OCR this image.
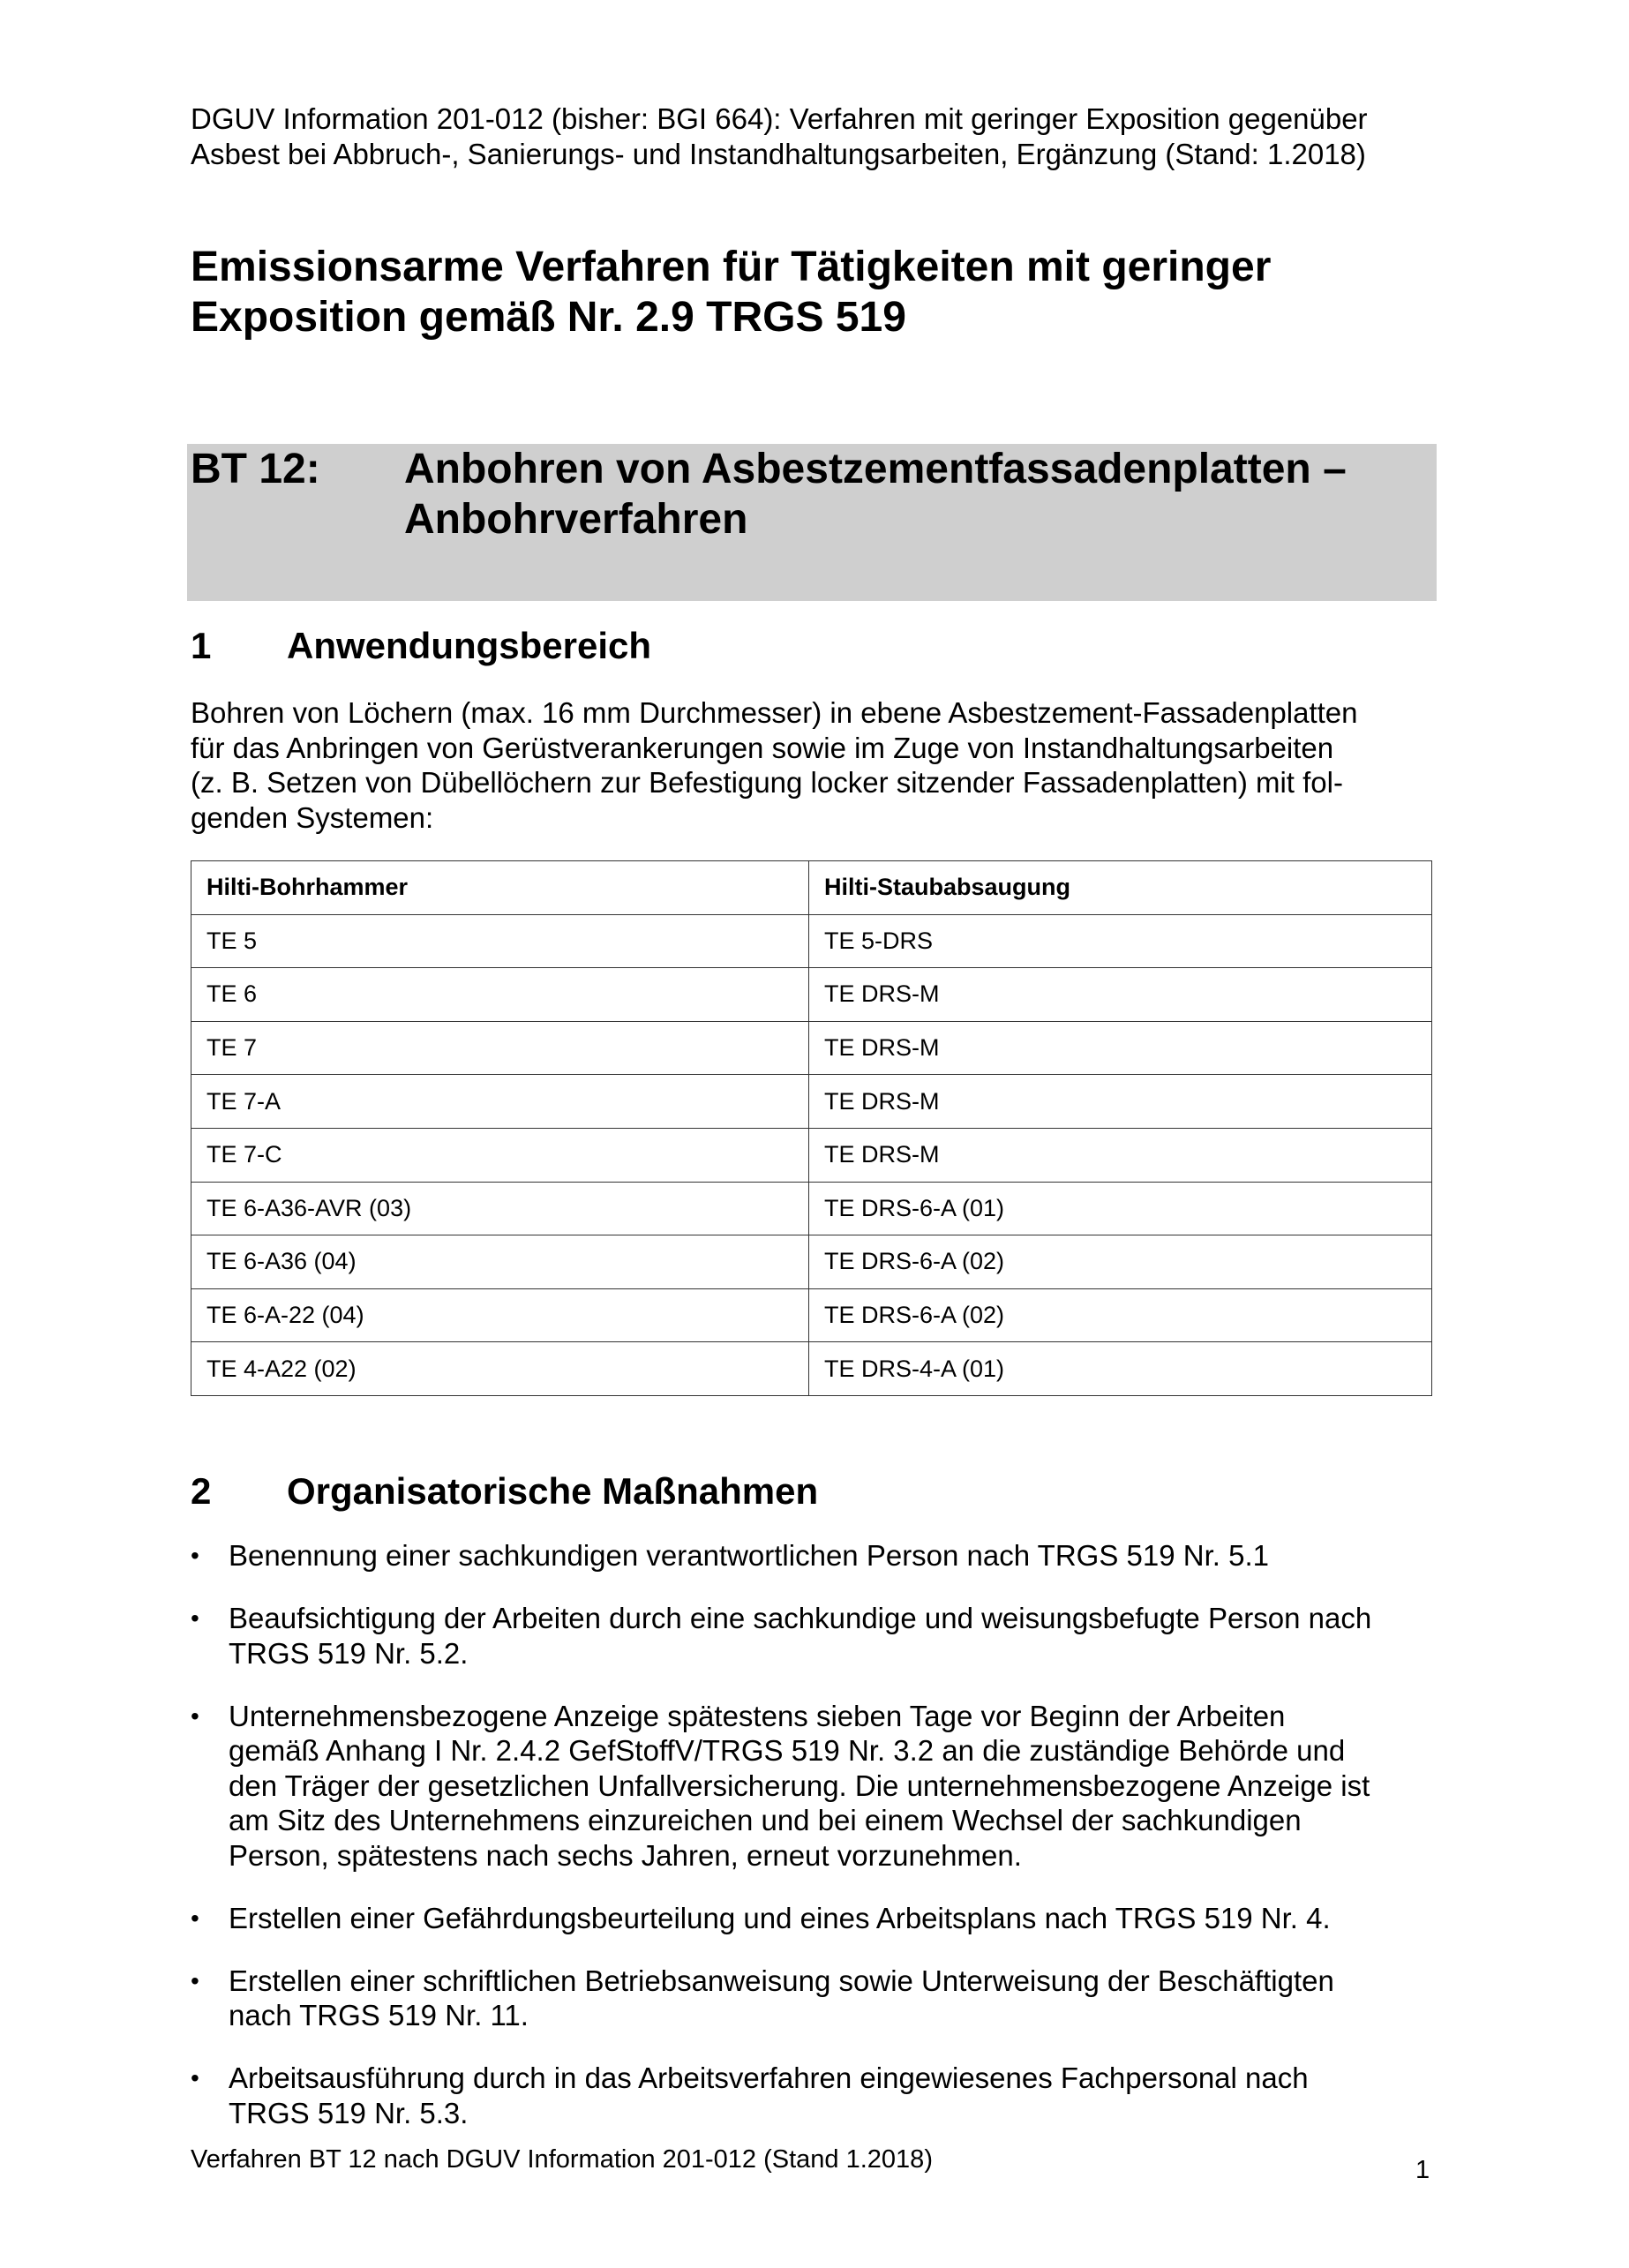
DGUV Information 201-012 (bisher: BGI 664): Verfahren mit geringer Exposition gegenüber
Asbest bei Abbruch-, Sanierungs- und Instandhaltungsarbeiten, Ergänzung (Stand: 1.2018)
Emissionsarme Verfahren für Tätigkeiten mit geringer
Exposition gemäß Nr. 2.9 TRGS 519
BT 12: Anbohren von Asbestzementfassadenplatten –
Anbohrverfahren
1 Anwendungsbereich
Bohren von Löchern (max. 16 mm Durchmesser) in ebene Asbestzement-Fassadenplatten
für das Anbringen von Gerüstverankerungen sowie im Zuge von Instandhaltungsarbeiten
(z. B. Setzen von Dübellöchern zur Befestigung locker sitzender Fassadenplatten) mit fol-
genden Systemen:
Hilti-Bohrhammer	Hilti-Staubabsaugung
TE 5	TE 5-DRS
TE 6	TE DRS-M
TE 7	TE DRS-M
TE 7-A	TE DRS-M
TE 7-C	TE DRS-M
TE 6-A36-AVR (03)	TE DRS-6-A (01)
TE 6-A36 (04)	TE DRS-6-A (02)
TE 6-A-22 (04)	TE DRS-6-A (02)
TE 4-A22 (02)	TE DRS-4-A (01)
2 Organisatorische Maßnahmen
• Benennung einer sachkundigen verantwortlichen Person nach TRGS 519 Nr. 5.1
• Beaufsichtigung der Arbeiten durch eine sachkundige und weisungsbefugte Person nach
TRGS 519 Nr. 5.2.
• Unternehmensbezogene Anzeige spätestens sieben Tage vor Beginn der Arbeiten
gemäß Anhang I Nr. 2.4.2 GefStoffV/TRGS 519 Nr. 3.2 an die zuständige Behörde und
den Träger der gesetzlichen Unfallversicherung. Die unternehmensbezogene Anzeige ist
am Sitz des Unternehmens einzureichen und bei einem Wechsel der sachkundigen
Person, spätestens nach sechs Jahren, erneut vorzunehmen.
• Erstellen einer Gefährdungsbeurteilung und eines Arbeitsplans nach TRGS 519 Nr. 4.
• Erstellen einer schriftlichen Betriebsanweisung sowie Unterweisung der Beschäftigten
nach TRGS 519 Nr. 11.
• Arbeitsausführung durch in das Arbeitsverfahren eingewiesenes Fachpersonal nach
TRGS 519 Nr. 5.3.
Verfahren BT 12 nach DGUV Information 201-012 (Stand 1.2018)	1
